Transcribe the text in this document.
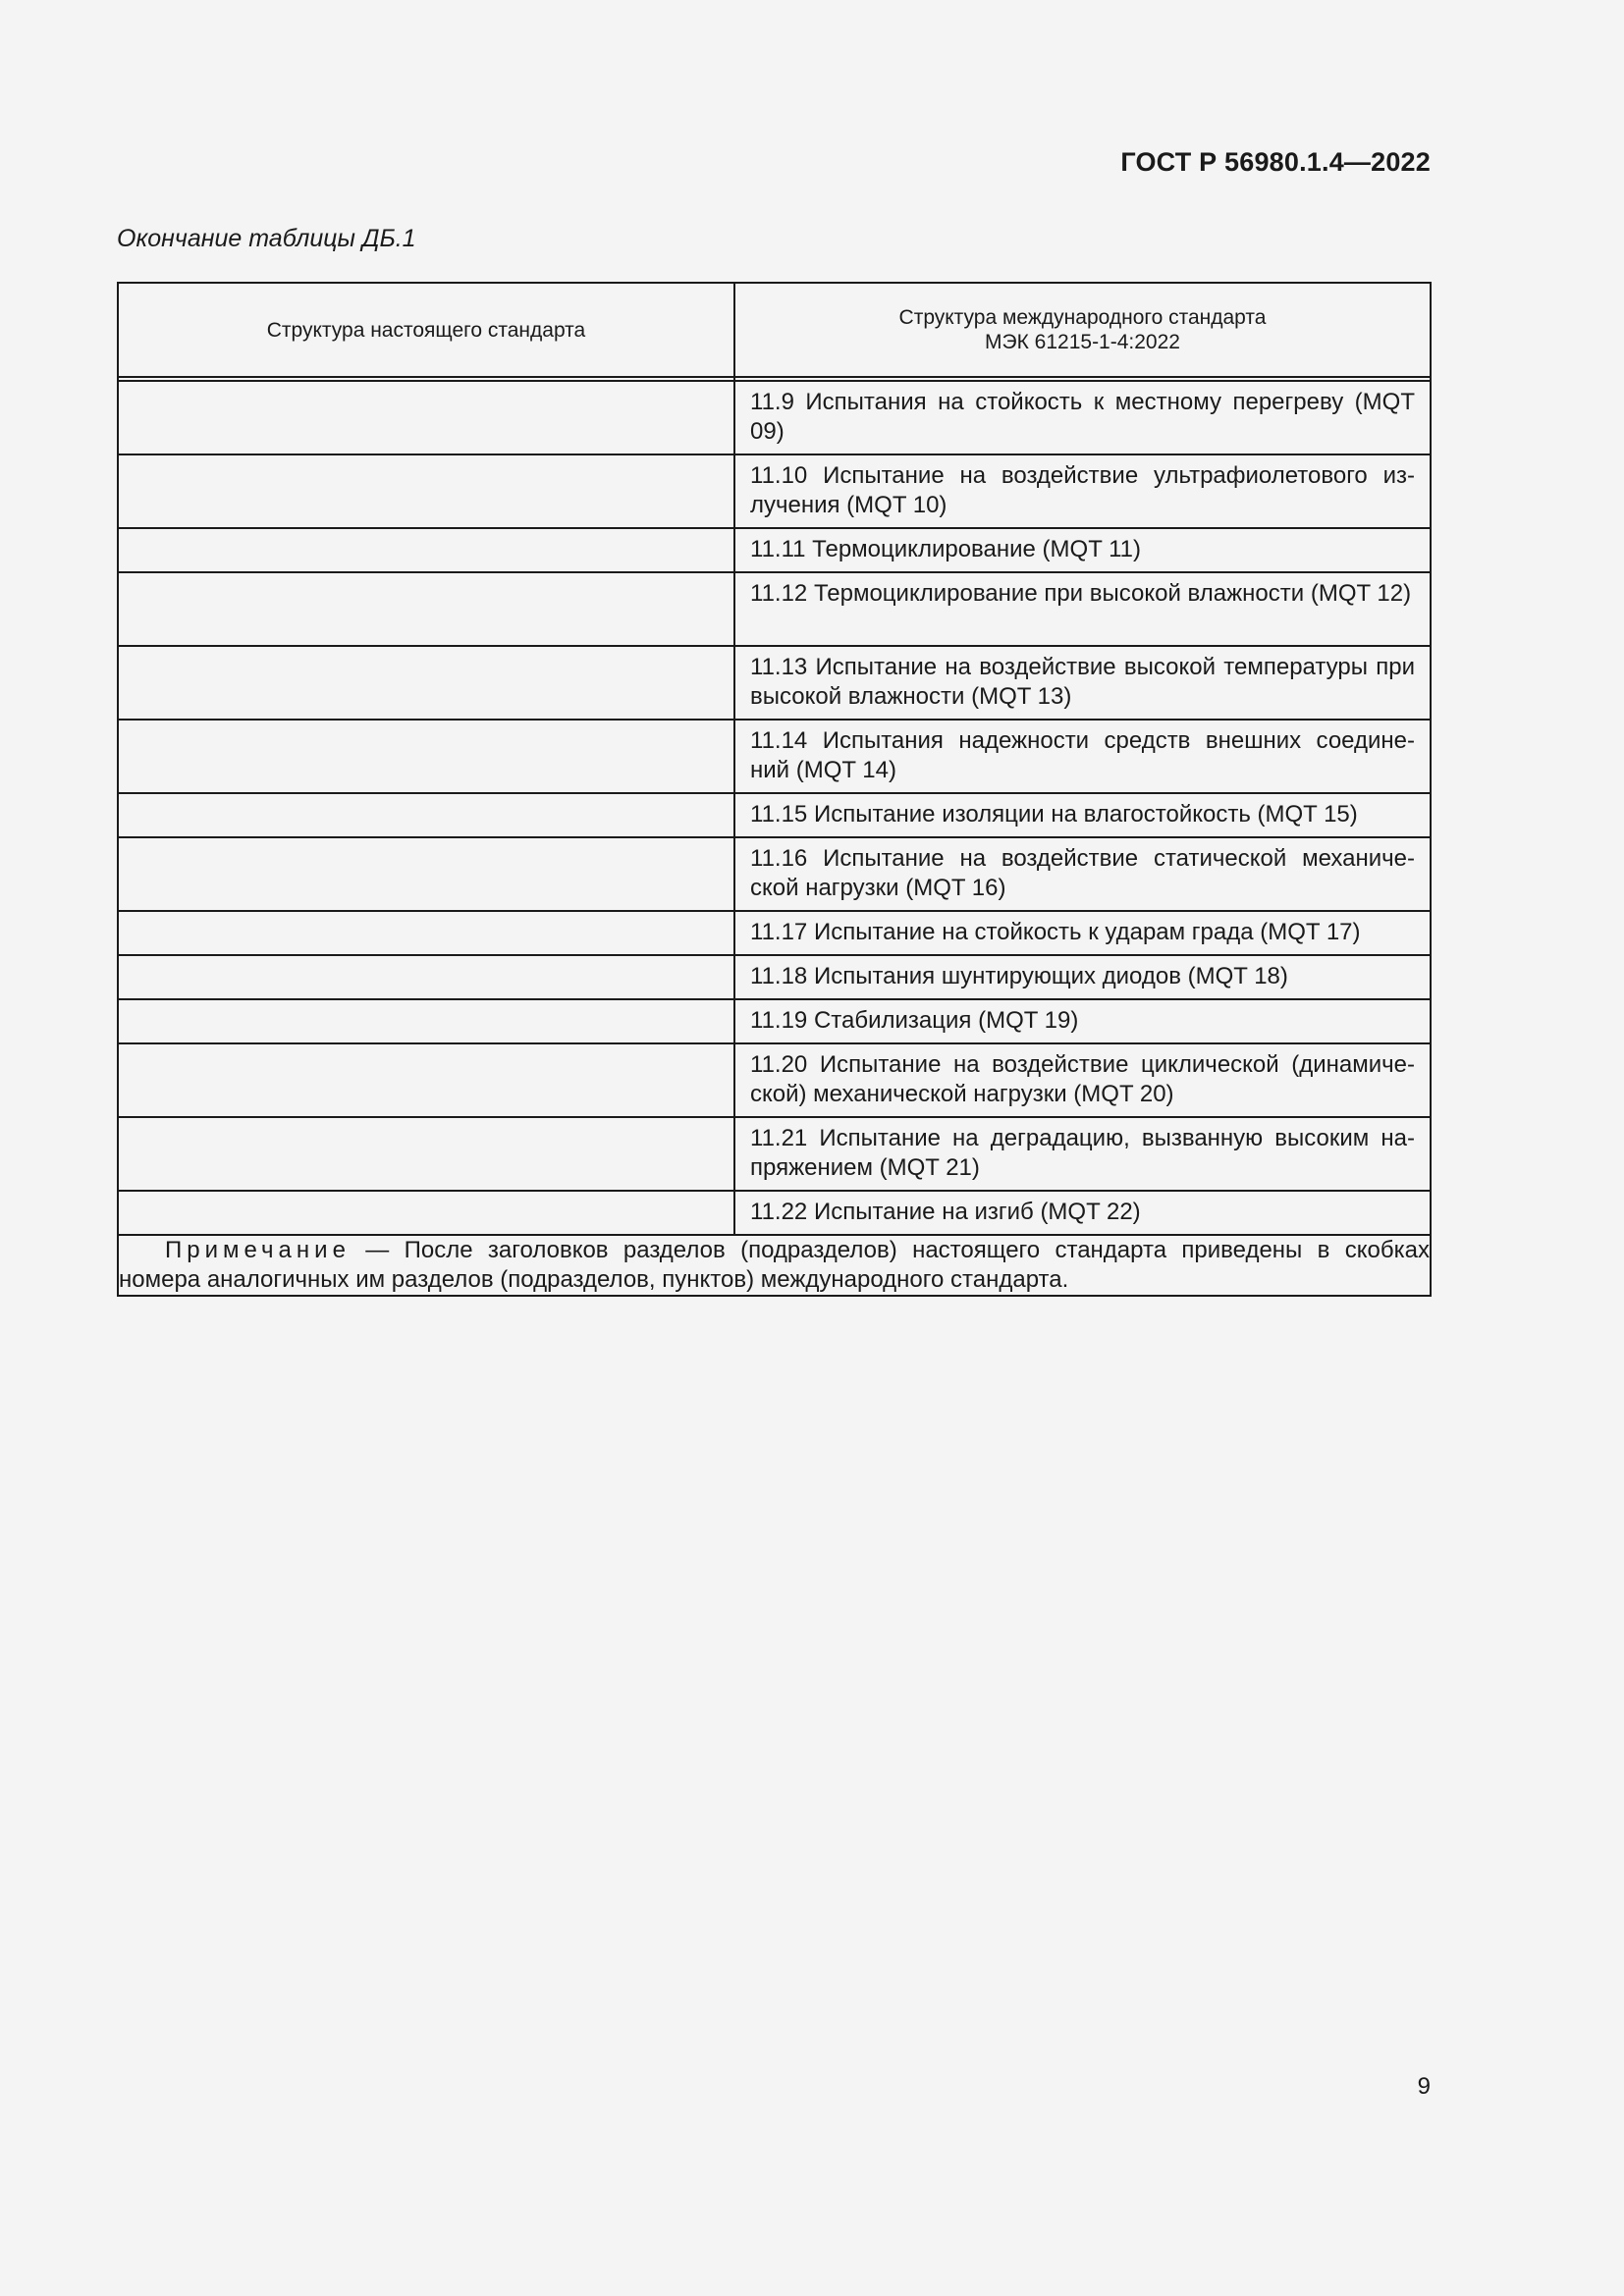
ГОСТ Р 56980.1.4—2022
Окончание таблицы ДБ.1
Структура настоящего стандарта	Структура международного стандарта
МЭК 61215-1-4:2022

	11.9 Испытания на стойкость к местному перегреву (MQT 09)
	11.10 Испытание на воздействие ультрафиолетового из- лучения (MQT 10)
	11.11 Термоциклирование (MQT 11)
	11.12 Термоциклирование при высокой влажности (MQT 12)
	11.13 Испытание на воздействие высокой температуры при высокой влажности (MQT 13)
	11.14 Испытания надежности средств внешних соедине- ний (MQT 14)
	11.15 Испытание изоляции на влагостойкость (MQT 15)
	11.16 Испытание на воздействие статической механиче- ской нагрузки (MQT 16)
	11.17 Испытание на стойкость к ударам града (MQT 17)
	11.18 Испытания шунтирующих диодов (MQT 18)
	11.19 Стабилизация (MQT 19)
	11.20 Испытание на воздействие циклической (динамиче- ской) механической нагрузки (MQT 20)
	11.21 Испытание на деградацию, вызванную высоким на- пряжением (MQT 21)
	11.22 Испытание на изгиб (MQT 22)
Примечание — После заголовков разделов (подразделов) настоящего стандарта приведены в скобках номера аналогичных им разделов (подразделов, пунктов) международного стандарта.	
9
